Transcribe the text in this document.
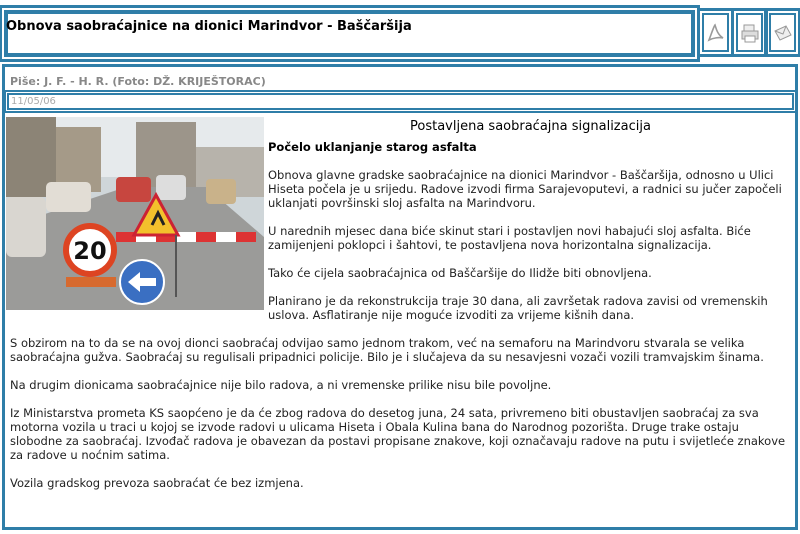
Obnova saobraćajnice na dionici Marindvor - Baščaršija
Piše: J. F. - H. R. (Foto: DŽ. KRIJEŠTORAC)
11/05/06
20
Postavljena saobraćajna signalizacija
Počelo uklanjanje starog asfalta

Obnova glavne gradske saobraćajnice na dionici Marindvor - Baščaršija, odnosno u Ulici Hiseta počela je u srijedu. Radove izvodi firma Sarajevoputevi, a radnici su jučer započeli uklanjati površinski sloj asfalta na Marindvoru.

U narednih mjesec dana biće skinut stari i postavljen novi habajući sloj asfalta. Biće zamijenjeni poklopci i šahtovi, te postavljena nova horizontalna signalizacija.

Tako će cijela saobraćajnica od Baščaršije do Ilidže biti obnovljena.

Planirano je da rekonstrukcija traje 30 dana, ali završetak radova zavisi od vremenskih uslova. Asflatiranje nije moguće izvoditi za vrijeme kišnih dana.

S obzirom na to da se na ovoj dionci saobraćaj odvijao samo jednom trakom, već na semaforu na Marindvoru stvarala se velika saobraćajna gužva. Saobraćaj su regulisali pripadnici policije. Bilo je i slučajeva da su nesavjesni vozači vozili tramvajskim šinama.

Na drugim dionicama saobraćajnice nije bilo radova, a ni vremenske prilike nisu bile povoljne.

Iz Ministarstva prometa KS saopćeno je da će zbog radova do desetog juna, 24 sata, privremeno biti obustavljen saobraćaj za sva motorna vozila u traci u kojoj se izvode radovi u ulicama Hiseta i Obala Kulina bana do Narodnog pozorišta. Druge trake ostaju slobodne za saobraćaj. Izvođač radova je obavezan da postavi propisane znakove, koji označavaju radove na putu i svijetleće znakove za radove u noćnim satima.

Vozila gradskog prevoza saobraćat će bez izmjena.
